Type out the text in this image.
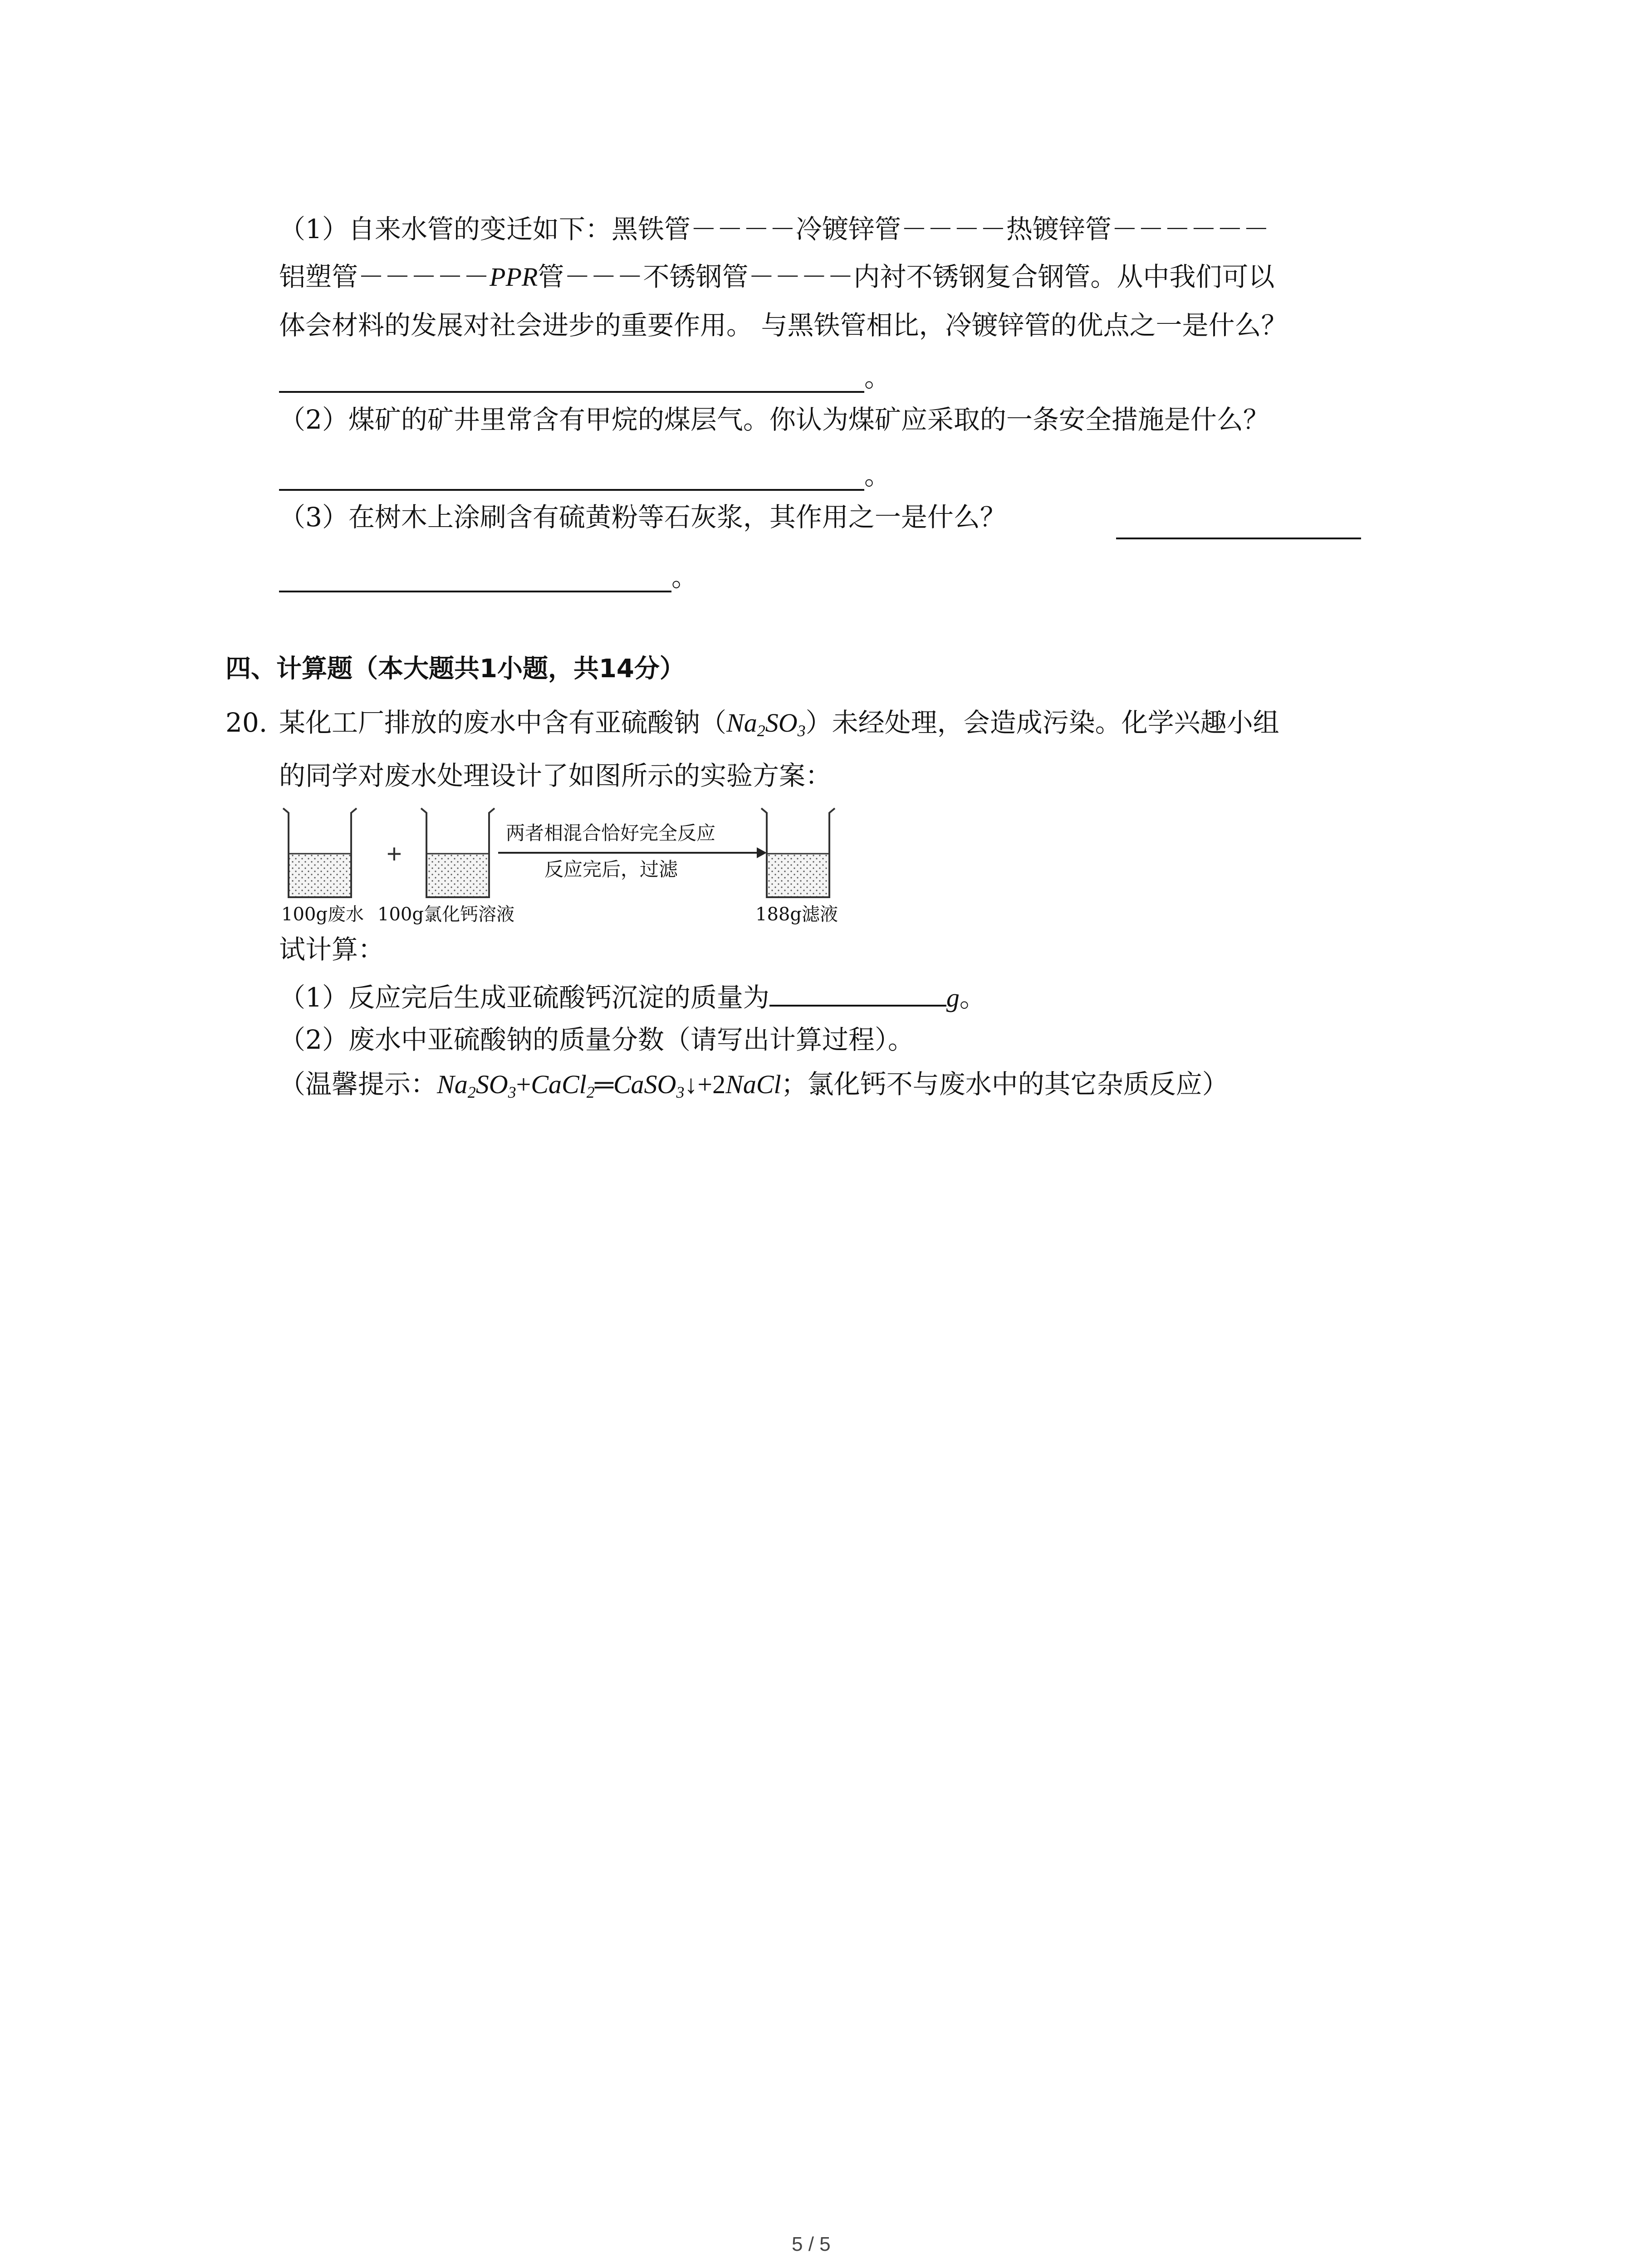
（1）自来水管的变迁如下：黑铁管－－－－冷镀锌管－－－－热镀锌管－－－－－－
铝塑管－－－－－PPR管－－－不锈钢管－－－－内衬不锈钢复合钢管。从中我们可以
体会材料的发展对社会进步的重要作用。 与黑铁管相比，冷镀锌管的优点之一是什么？
。
（2）煤矿的矿井里常含有甲烷的煤层气。你认为煤矿应采取的一条安全措施是什么？
。
（3）在树木上涂刷含有硫黄粉等石灰浆，其作用之一是什么？
。
四、计算题（本大题共1小题，共14分）
20. 某化工厂排放的废水中含有亚硫酸钠$(Na_2SO_3)$未经处理，会造成污染。化学兴趣小组
的同学对废水处理设计了如图所示的实验方案：
+
两者相混合恰好完全反应
反应完后，过滤
100g废水 100g氯化钙溶液	188g滤液
试计算：
（1）反应完后生成亚硫酸钙沉淀的质量为	g。
（2）废水中亚硫酸钠的质量分数（请写出计算过程）。
（温馨提示：$Na_2SO_3+CaCl_2═CaSO_3↓+2NaCl$；氯化钙不与废水中的其它杂质反应）
5 / 5
